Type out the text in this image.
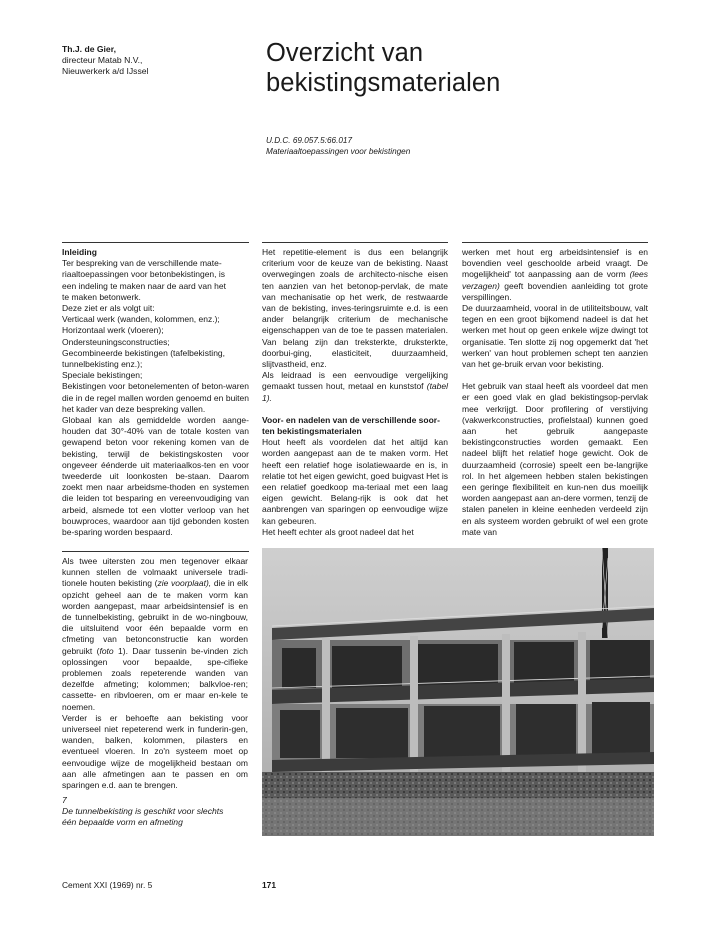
Th.J. de Gier,
directeur Matab N.V.,
Nieuwerkerk a/d IJssel
Overzicht van
bekistingsmaterialen
U.D.C. 69.057.5:66.017
Materiaaltoepassingen voor bekistingen

Inleiding

Ter bespreking van de verschillende mate-
riaaltoepassingen voor betonbekistingen, is
een indeling te maken naar de aard van het
te maken betonwerk.
Deze ziet er als volgt uit:
Verticaal werk (wanden, kolommen, enz.);
Horizontaal werk (vloeren);
Ondersteuningsconstructies;
Gecombineerde bekistingen (tafelbekisting,
tunnelbekisting enz.);
Speciale bekistingen;

Bekistingen voor betonelementen of beton-waren die in de regel mallen worden genoemd en buiten het kader van deze bespreking vallen.

Globaal kan als gemiddelde worden aange-houden dat 30°-40% van de totale kosten van gewapend beton voor rekening komen van de bekisting, terwijl de bekistingskosten voor ongeveer éénderde uit materiaalkos-ten en voor tweederde uit loonkosten be-staan. Daarom zoekt men naar arbeidsme-thoden en systemen die leiden tot besparing en vereenvoudiging van arbeid, alsmede tot een vlotter verloop van het bouwproces, waardoor aan tijd gebonden kosten be-sparing worden bespaard.

Als twee uitersten zou men tegenover elkaar kunnen stellen de volmaakt universele tradi-tionele houten bekisting (zie voorplaat), die in elk opzicht geheel aan de te maken vorm kan worden aangepast, maar arbeidsintensief is en de tunnelbekisting, gebruikt in de wo-ningbouw, die uitsluitend voor één bepaalde vorm en cfmeting van betonconstructie kan worden gebruikt (foto 1). Daar tussenin be-vinden zich oplossingen voor bepaalde, spe-cifieke problemen zoals repeterende wanden van dezelfde afmeting; kolommen; balkvloe-ren; cassette- en ribvloeren, om er maar en-kele te noemen.

Verder is er behoefte aan bekisting voor universeel niet repeterend werk in funderin-gen, wanden, balken, kolommen, pilasters en eventueel vloeren. In zo'n systeem moet op eenvoudige wijze de mogelijkheid bestaan om aan alle afmetingen aan te passen en om sparingen e.d. aan te brengen.

7
De tunnelbekisting is geschikt voor slechts
één bepaalde vorm en afmeting

Het repetitie-element is dus een belangrijk criterium voor de keuze van de bekisting. Naast overwegingen zoals de architecto-nische eisen ten aanzien van het betonop-pervlak, de mate van mechanisatie op het werk, de restwaarde van de bekisting, inves-teringsruimte e.d. is een ander belangrijk criterium de mechanische eigenschappen van de toe te passen materialen. Van belang zijn dan treksterkte, druksterkte, doorbui-ging, elasticiteit, duurzaamheid, slijtvastheid, enz.

Als leidraad is een eenvoudige vergelijking gemaakt tussen hout, metaal en kunststof (tabel 1).

Voor- en nadelen van de verschillende soor-ten bekistingsmaterialen

Hout heeft als voordelen dat het altijd kan worden aangepast aan de te maken vorm. Het heeft een relatief hoge isolatiewaarde en is, in relatie tot het eigen gewicht, goed buigvast Het is een relatief goedkoop ma-teriaal met een laag eigen gewicht. Belang-rijk is ook dat het aanbrengen van sparingen op eenvoudige wijze kan gebeuren.

Het heeft echter als groot nadeel dat het

werken met hout erg arbeidsintensief is en bovendien veel geschoolde arbeid vraagt. De mogelijkheid' tot aanpassing aan de vorm (lees verzagen) geeft bovendien aanleiding tot grote verspillingen.

De duurzaamheid, vooral in de utiliteitsbouw, valt tegen en een groot bijkomend nadeel is dat het werken met hout op geen enkele wijze dwingt tot organisatie. Ten slotte zij nog opgemerkt dat 'het werken' van hout problemen schept ten aanzien van het ge-bruik ervan voor bekisting.

Het gebruik van staal heeft als voordeel dat men er een goed vlak en glad bekistingsop-pervlak mee verkrijgt. Door profilering of verstijving (vakwerkconstructies, profielstaal) kunnen goed aan het gebruik aangepaste bekistingconstructies worden gemaakt. Een nadeel blijft het relatief hoge gewicht. Ook de duurzaamheid (corrosie) speelt een be-langrijke rol. In het algemeen hebben stalen bekistingen een geringe flexibiliteit en kun-nen dus moeilijk worden aangepast aan an-dere vormen, tenzij de stalen panelen in kleine eenheden verdeeld zijn en als systeem worden gebruikt of wel een grote mate van

Cement XXI (1969) nr. 5	171
